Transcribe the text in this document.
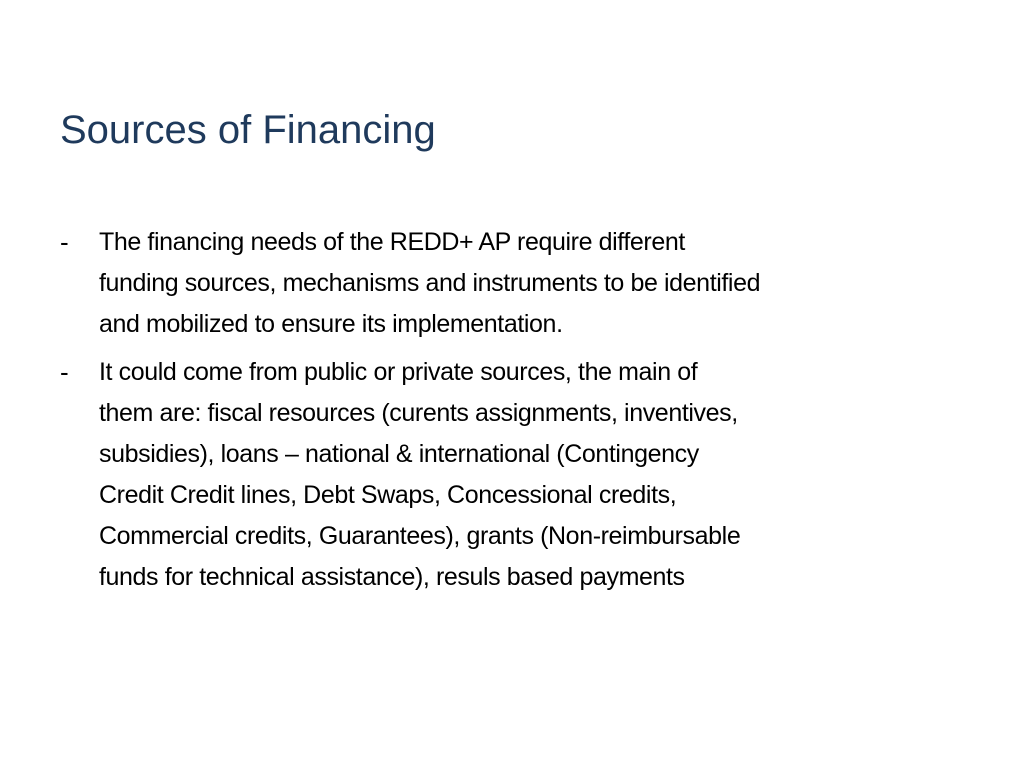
Sources of Financing
- The financing needs of the REDD+ AP require different
funding sources, mechanisms and instruments to be identified
and mobilized to ensure its implementation.
- It could come from public or private sources, the main of
them are: fiscal resources (curents assignments, inventives,
subsidies), loans – national & international (Contingency
Credit Credit lines, Debt Swaps, Concessional credits,
Commercial credits, Guarantees), grants (Non-reimbursable
funds for technical assistance), resuls based payments
